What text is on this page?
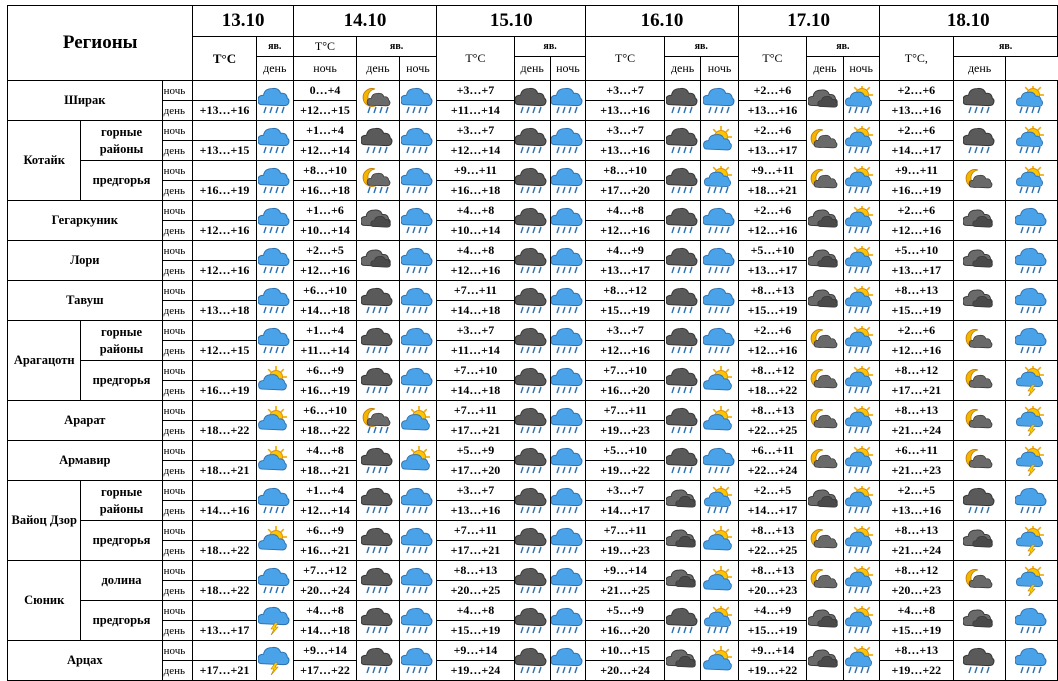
Регионы			13.10		14.10			15.10			16.10			17.10			18.10		
			T°C	яв.	T°C	яв.		T°C	яв.		T°C	яв.		T°C	яв.		T°C,	яв.	
				день	ночь	день	ночь		день	ночь		день	ночь		день	ночь		день	
Ширак		ночь			0…+4			+3…+7			+3…+7			+2…+6			+2…+6	

		день	+13…+16		+12…+15			+11…+14			+13…+16			+13…+16			+13…+16		
Котайк	горные районы	ночь			+1…+4			+3…+7			+3…+7			+2…+6			+2…+6	

		день	+13…+15		+12…+14			+12…+14			+13…+16			+13…+17			+14…+17		
	предгорья	ночь			+8…+10			+9…+11			+8…+10			+9…+11			+9…+11	

		день	+16…+19		+16…+18			+16…+18			+17…+20			+18…+21			+16…+19		
Гегаркуник		ночь			+1…+6			+4…+8			+4…+8			+2…+6			+2…+6	

		день	+12…+16		+10…+14			+10…+14			+12…+16			+12…+16			+12…+16		
Лори		ночь			+2…+5			+4…+8			+4…+9			+5…+10			+5…+10	

		день	+12…+16		+12…+16			+12…+16			+13…+17			+13…+17			+13…+17		
Тавуш		ночь			+6…+10			+7…+11			+8…+12			+8…+13			+8…+13	

		день	+13…+18		+14…+18			+14…+18			+15…+19			+15…+19			+15…+19		
Арагацотн	горные районы	ночь			+1…+4			+3…+7			+3…+7			+2…+6			+2…+6	

		день	+12…+15		+11…+14			+11…+14			+12…+16			+12…+16			+12…+16		
	предгорья	ночь			+6…+9			+7…+10			+7…+10			+8…+12			+8…+12	

		день	+16…+19		+16…+19			+14…+18			+16…+20			+18…+22			+17…+21		
Арарат		ночь			+6…+10			+7…+11			+7…+11			+8…+13			+8…+13	

		день	+18…+22		+18…+22			+17…+21			+19…+23			+22…+25			+21…+24		
Армавир		ночь			+4…+8			+5…+9			+5…+10			+6…+11			+6…+11	

		день	+18…+21		+18…+21			+17…+20			+19…+22			+22…+24			+21…+23		
Вайоц Дзор	горные районы	ночь			+1…+4			+3…+7			+3…+7			+2…+5			+2…+5	

		день	+14…+16		+12…+14			+13…+16			+14…+17			+14…+17			+13…+16		
	предгорья	ночь			+6…+9			+7…+11			+7…+11			+8…+13			+8…+13	

		день	+18…+22		+16…+21			+17…+21			+19…+23			+22…+25			+21…+24		
Сюник	долина	ночь			+7…+12			+8…+13			+9…+14			+8…+13			+8…+12	

		день	+18…+22		+20…+24			+20…+25			+21…+25			+20…+23			+20…+23		
	предгорья	ночь			+4…+8			+4…+8			+5…+9			+4…+9			+4…+8	

		день	+13…+17		+14…+18			+15…+19			+16…+20			+15…+19			+15…+19		
Арцах		ночь			+9…+14			+9…+14			+10…+15			+9…+14			+8…+13	

		день	+17…+21		+17…+22			+19…+24			+20…+24			+19…+22			+19…+22		
